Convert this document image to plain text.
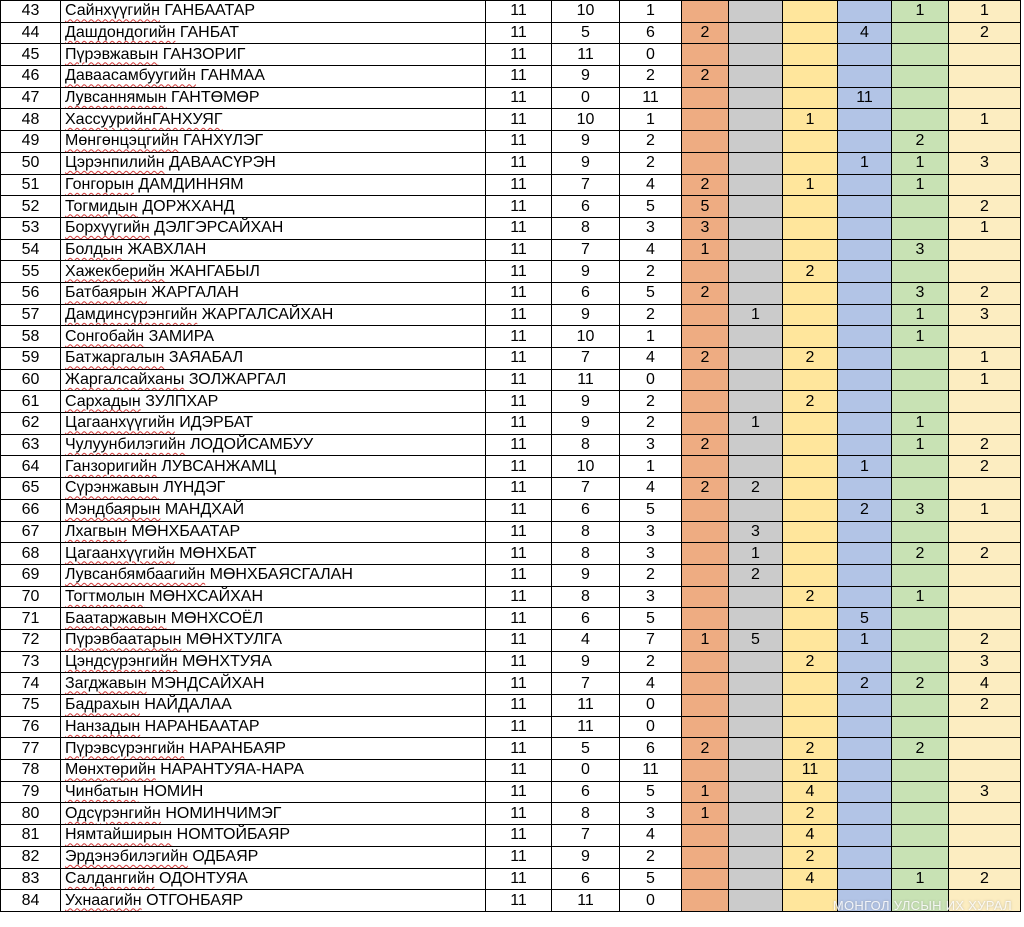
43	Сайнхүүгийн ГАНБААТАР	11	10	1					1	1
44	Дашдондогийн ГАНБАТ	11	5	6	2			4		2
45	Пүрэвжавын ГАНЗОРИГ	11	11	0						
46	Даваасамбуугийн ГАНМАА	11	9	2	2					
47	Лувсаннямын ГАНТӨМӨР	11	0	11				11		
48	ХассуурийнГАНХУЯГ	11	10	1			1			1
49	Мөнгөнцэцгийн ГАНХҮЛЭГ	11	9	2					2	
50	Цэрэнпилийн ДАВААСҮРЭН	11	9	2				1	1	3
51	Гонгорын ДАМДИННЯМ	11	7	4	2		1		1	
52	Тогмидын ДОРЖХАНД	11	6	5	5					2
53	Борхүүгийн ДЭЛГЭРСАЙХАН	11	8	3	3					1
54	Болдын ЖАВХЛАН	11	7	4	1				3	
55	Хажекберийн ЖАНГАБЫЛ	11	9	2			2			
56	Батбаярын ЖАРГАЛАН	11	6	5	2				3	2
57	Дамдинсүрэнгийн ЖАРГАЛСАЙХАН	11	9	2		1			1	3
58	Сонгобайн ЗАМИРА	11	10	1					1	
59	Батжаргалын ЗАЯАБАЛ	11	7	4	2		2			1
60	Жаргалсайханы ЗОЛЖАРГАЛ	11	11	0						1
61	Сархадын ЗУЛПХАР	11	9	2			2			
62	Цагаанхүүгийн ИДЭРБАТ	11	9	2		1			1	
63	Чулуунбилэгийн ЛОДОЙСАМБУУ	11	8	3	2				1	2
64	Ганзоригийн ЛУВСАНЖАМЦ	11	10	1				1		2
65	Сүрэнжавын ЛҮНДЭГ	11	7	4	2	2				
66	Мэндбаярын МАНДХАЙ	11	6	5				2	3	1
67	Лхагвын МӨНХБААТАР	11	8	3		3				
68	Цагаанхүүгийн МӨНХБАТ	11	8	3		1			2	2
69	Лувсанбямбаагийн МӨНХБАЯСГАЛАН	11	9	2		2				
70	Тогтмолын МӨНХСАЙХАН	11	8	3			2		1	
71	Баатаржавын МӨНХСОЁЛ	11	6	5				5		
72	Пүрэвбаатарын МӨНХТУЛГА	11	4	7	1	5		1		2
73	Цэндсүрэнгийн МӨНХТУЯА	11	9	2			2			3
74	Загджавын МЭНДСАЙХАН	11	7	4				2	2	4
75	Бадрахын НАЙДАЛАА	11	11	0						2
76	Нанзадын НАРАНБААТАР	11	11	0						
77	Пүрэвсүрэнгийн НАРАНБАЯР	11	5	6	2		2		2	
78	Мөнхтөрийн НАРАНТУЯА-НАРА	11	0	11			11			
79	Чинбатын НОМИН	11	6	5	1		4			3
80	Одсүрэнгийн НОМИНЧИМЭГ	11	8	3	1		2			
81	Нямтайширын НОМТОЙБАЯР	11	7	4			4			
82	Эрдэнэбилэгийн ОДБАЯР	11	9	2			2			
83	Салдангийн ОДОНТУЯА	11	6	5			4		1	2
84	Ухнаагийн ОТГОНБАЯР	11	11	0							МОНГОЛ УЛСЫН ИХ ХУРАЛ
